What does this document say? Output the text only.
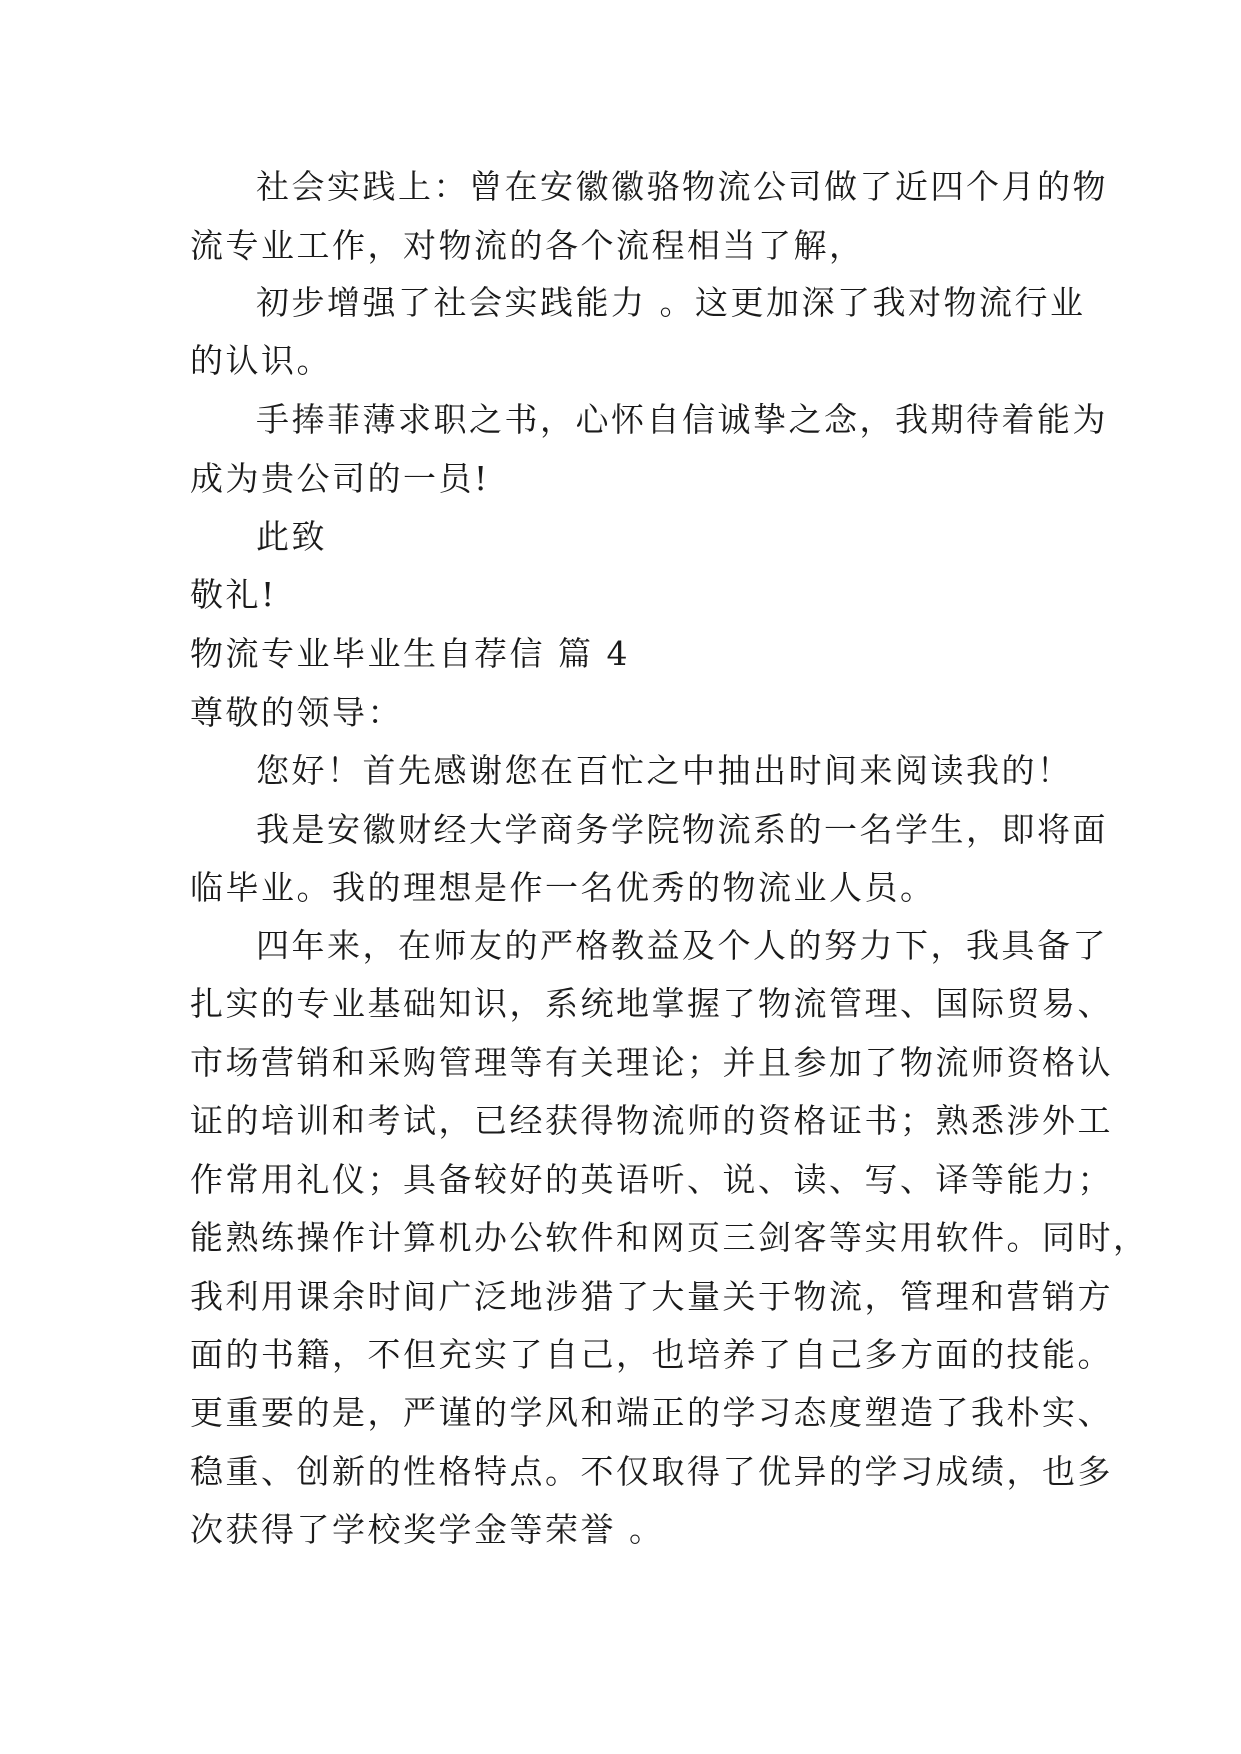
社会实践上：曾在安徽徽骆物流公司做了近四个月的物
流专业工作，对物流的各个流程相当了解，
初步增强了社会实践能力 。这更加深了我对物流行业
的认识。
手捧菲薄求职之书，心怀自信诚挚之念，我期待着能为
成为贵公司的一员!
此致
敬礼!
物流专业毕业生自荐信 篇 4
尊敬的领导：
您好！首先感谢您在百忙之中抽出时间来阅读我的！
我是安徽财经大学商务学院物流系的一名学生，即将面
临毕业。我的理想是作一名优秀的物流业人员。
四年来，在师友的严格教益及个人的努力下，我具备了
扎实的专业基础知识，系统地掌握了物流管理、国际贸易、
市场营销和采购管理等有关理论；并且参加了物流师资格认
证的培训和考试，已经获得物流师的资格证书；熟悉涉外工
作常用礼仪；具备较好的英语听、说、读、写、译等能力；
能熟练操作计算机办公软件和网页三剑客等实用软件。同时，
我利用课余时间广泛地涉猎了大量关于物流，管理和营销方
面的书籍，不但充实了自己，也培养了自己多方面的技能。
更重要的是，严谨的学风和端正的学习态度塑造了我朴实、
稳重、创新的性格特点。不仅取得了优异的学习成绩，也多
次获得了学校奖学金等荣誉 。
